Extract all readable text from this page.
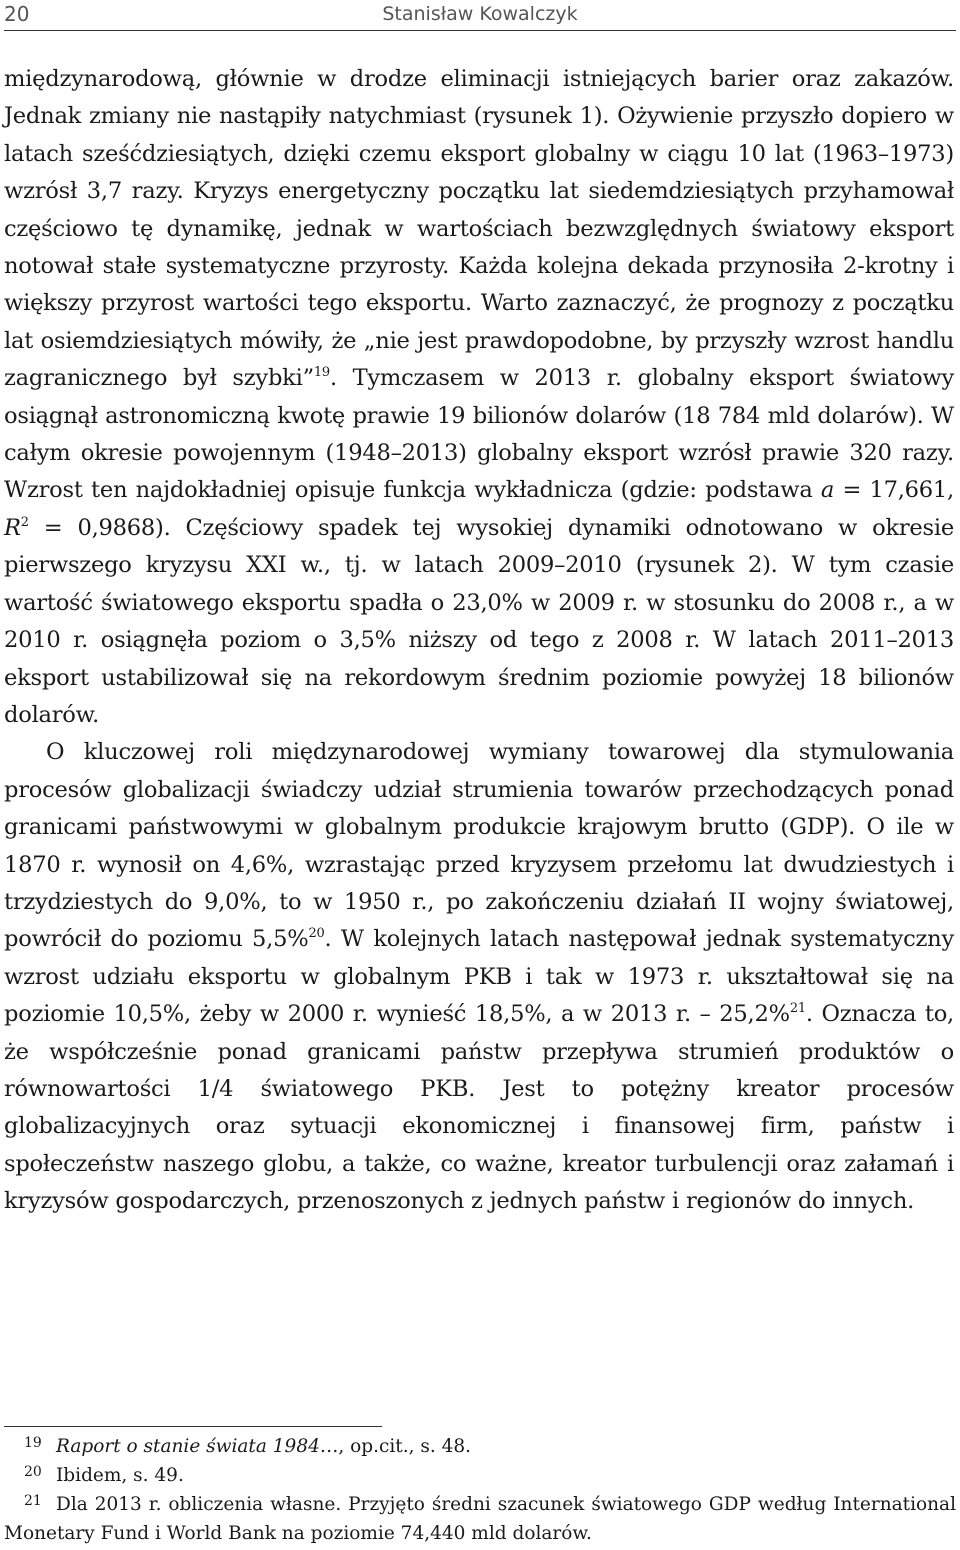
20	Stanisław Kowalczyk

międzynarodową, głównie w drodze eliminacji istniejących barier oraz zakazów. Jednak zmiany nie nastąpiły natychmiast (rysunek 1). Ożywienie przyszło dopiero w latach sześćdziesiątych, dzięki czemu eksport globalny w ciągu 10 lat (1963–1973) wzrósł 3,7 razy. Kryzys energetyczny początku lat siedemdziesiątych przyhamował częściowo tę dynamikę, jednak w wartościach bezwzględnych światowy eksport notował stałe systematyczne przyrosty. Każda kolejna dekada przynosiła 2-krotny i większy przyrost wartości tego eksportu. Warto zaznaczyć, że prognozy z początku lat osiemdziesiątych mówiły, że „nie jest prawdopodobne, by przyszły wzrost handlu zagranicznego był szybki”$^{19}$. Tymczasem w 2013 r. globalny eksport światowy osiągnął astronomiczną kwotę prawie 19 bilionów dolarów (18 784 mld dolarów). W całym okresie powojennym (1948–2013) globalny eksport wzrósł prawie 320 razy. Wzrost ten najdokładniej opisuje funkcja wykładnicza (gdzie: podstawa a = 17,661, $R^2 = 0,9868$). Częściowy spadek tej wysokiej dynamiki odnotowano w okresie pierwszego kryzysu XXI w., tj. w latach 2009–2010 (rysunek 2). W tym czasie wartość światowego eksportu spadła o 23,0% w 2009 r. w stosunku do 2008 r., a w 2010 r. osiągnęła poziom o 3,5% niższy od tego z 2008 r. W latach 2011–2013 eksport ustabilizował się na rekordowym średnim poziomie powyżej 18 bilionów dolarów.

O kluczowej roli międzynarodowej wymiany towarowej dla stymulowania procesów globalizacji świadczy udział strumienia towarów przechodzących ponad granicami państwowymi w globalnym produkcie krajowym brutto (GDP). O ile w 1870 r. wynosił on 4,6%, wzrastając przed kryzysem przełomu lat dwudziestych i trzydziestych do 9,0%, to w 1950 r., po zakończeniu działań II wojny światowej, powrócił do poziomu 5,5%$^{20}$. W kolejnych latach następował jednak systematyczny wzrost udziału eksportu w globalnym PKB i tak w 1973 r. ukształtował się na poziomie 10,5%, żeby w 2000 r. wynieść 18,5%, a w 2013 r. – 25,2%$^{21}$. Oznacza to, że współcześnie ponad granicami państw przepływa strumień produktów o równowartości 1/4 światowego PKB. Jest to potężny kreator procesów globalizacyjnych oraz sytuacji ekonomicznej i finansowej firm, państw i społeczeństw naszego globu, a także, co ważne, kreator turbulencji oraz załamań i kryzysów gospodarczych, przenoszonych z jednych państw i regionów do innych.

19 Raport o stanie świata 1984…, op.cit., s. 48.

20 Ibidem, s. 49.

21 Dla 2013 r. obliczenia własne. Przyjęto średni szacunek światowego GDP według International Monetary Fund i World Bank na poziomie 74,440 mld dolarów.
